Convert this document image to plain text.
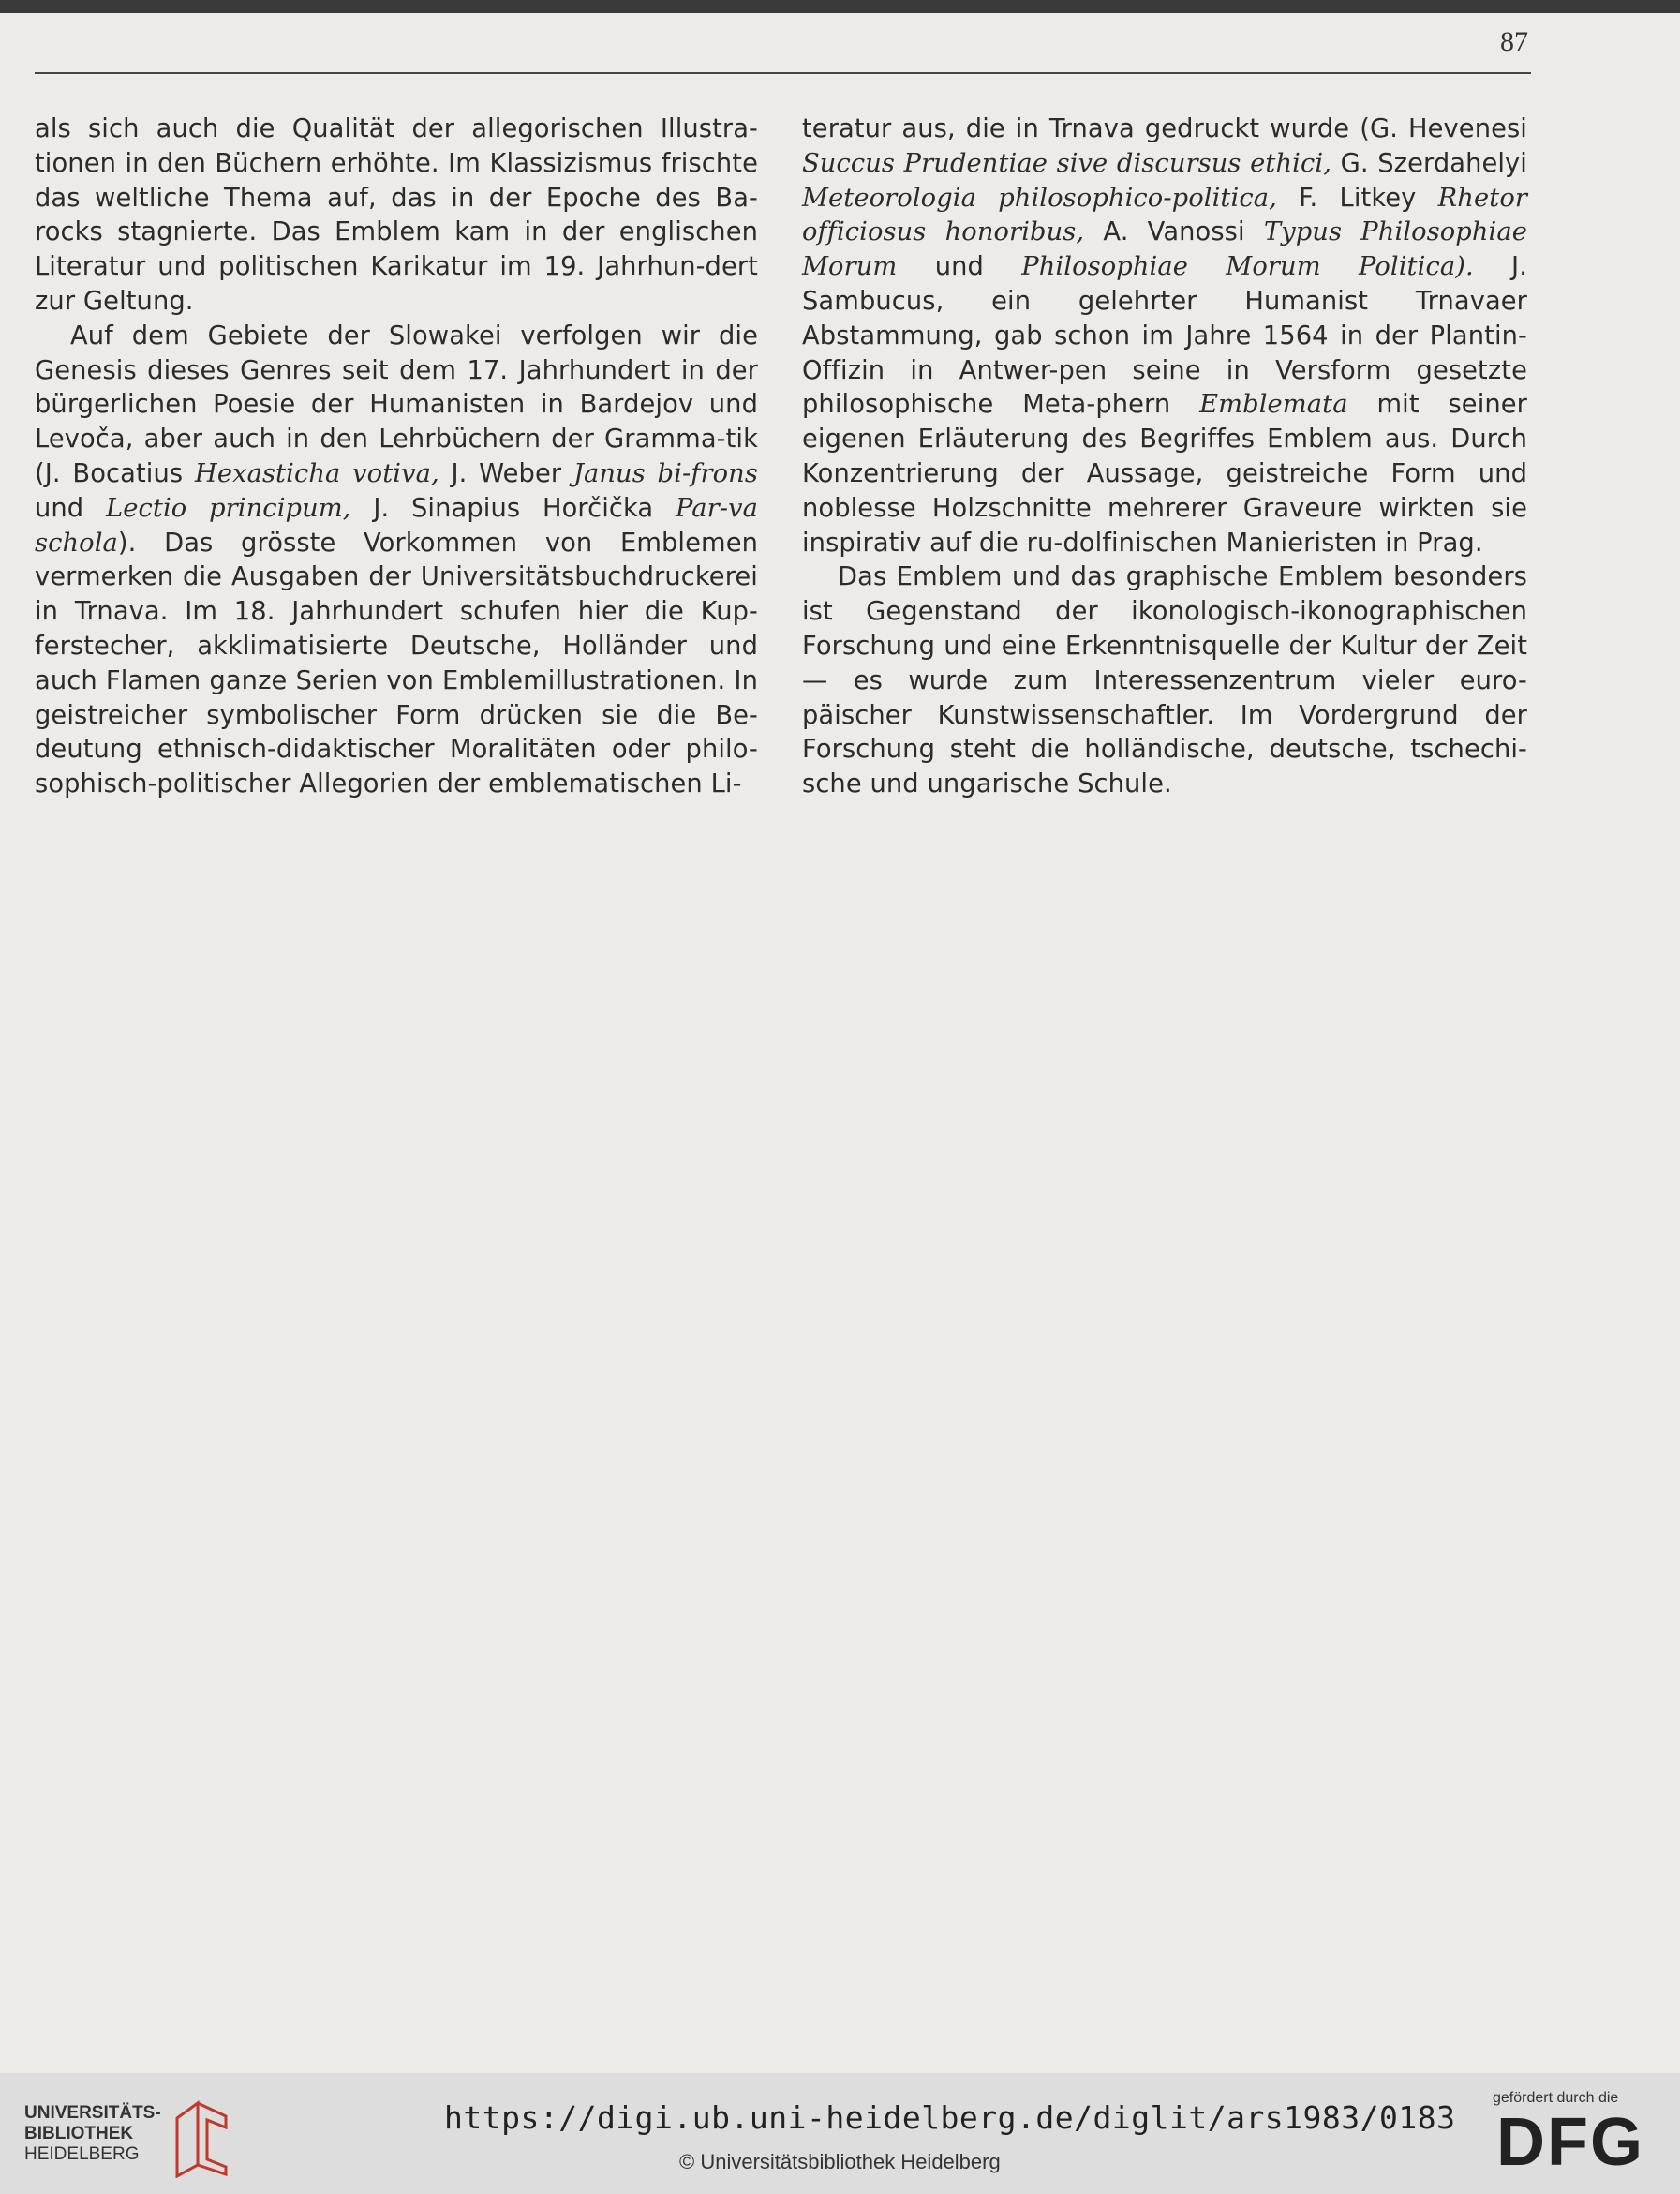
87

als sich auch die Qualität der allegorischen Illustra-tionen in den Büchern erhöhte. Im Klassizismus frischte das weltliche Thema auf, das in der Epoche des Ba-rocks stagnierte. Das Emblem kam in der englischen Literatur und politischen Karikatur im 19. Jahrhun-dert zur Geltung.

Auf dem Gebiete der Slowakei verfolgen wir die Genesis dieses Genres seit dem 17. Jahrhundert in der bürgerlichen Poesie der Humanisten in Bardejov und Levoča, aber auch in den Lehrbüchern der Gramma-tik (J. Bocatius Hexasticha votiva, J. Weber Janus bi-frons und Lectio principum, J. Sinapius Horčička Par-va schola). Das grösste Vorkommen von Emblemen vermerken die Ausgaben der Universitätsbuchdruckerei in Trnava. Im 18. Jahrhundert schufen hier die Kup-ferstecher, akklimatisierte Deutsche, Holländer und auch Flamen ganze Serien von Emblemillustrationen. In geistreicher symbolischer Form drücken sie die Be-deutung ethnisch-didaktischer Moralitäten oder philo-sophisch-politischer Allegorien der emblematischen Li-

teratur aus, die in Trnava gedruckt wurde (G. Hevenesi Succus Prudentiae sive discursus ethici, G. Szerdahelyi Meteorologia philosophico-politica, F. Litkey Rhetor officiosus honoribus, A. Vanossi Typus Philosophiae Morum und Philosophiae Morum Politica). J. Sambucus, ein gelehrter Humanist Trnavaer Abstammung, gab schon im Jahre 1564 in der Plantin-Offizin in Antwer-pen seine in Versform gesetzte philosophische Meta-phern Emblemata mit seiner eigenen Erläuterung des Begriffes Emblem aus. Durch Konzentrierung der Aussage, geistreiche Form und noblesse Holzschnitte mehrerer Graveure wirkten sie inspirativ auf die ru-dolfinischen Manieristen in Prag.

Das Emblem und das graphische Emblem besonders ist Gegenstand der ikonologisch-ikonographischen Forschung und eine Erkenntnisquelle der Kultur der Zeit — es wurde zum Interessenzentrum vieler euro-päischer Kunstwissenschaftler. Im Vordergrund der Forschung steht die holländische, deutsche, tschechi-sche und ungarische Schule.

UNIVERSITÄTS-
BIBLIOTHEK
HEIDELBERG
https://digi.ub.uni-heidelberg.de/diglit/ars1983/0183
© Universitätsbibliothek Heidelberg
gefördert durch die
DFG
